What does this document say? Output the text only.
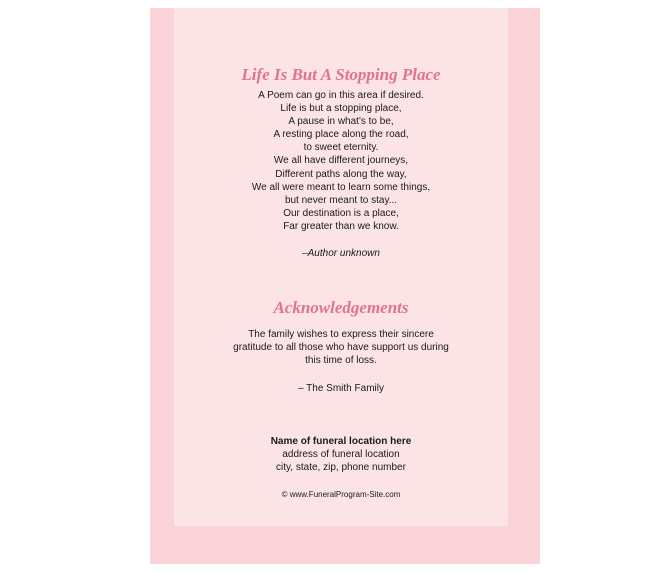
Life Is But A Stopping Place
A Poem can go in this area if desired.
Life is but a stopping place,
A pause in what's to be,
A resting place along the road,
to sweet eternity.
We all have different journeys,
Different paths along the way,
We all were meant to learn some things,
but never meant to stay...
Our destination is a place,
Far greater than we know.
–Author unknown
Acknowledgements
The family wishes to express their sincere
gratitude to all those who have support us during
this time of loss.
– The Smith Family
Name of funeral location here
address of funeral location
city, state, zip, phone number
© www.FuneralProgram-Site.com
